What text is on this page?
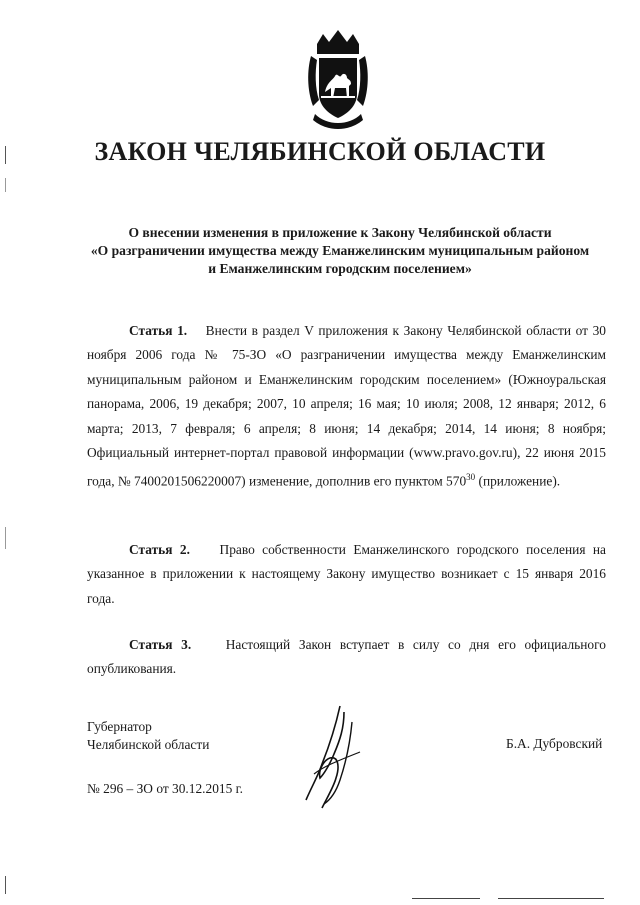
ЗАКОН ЧЕЛЯБИНСКОЙ ОБЛАСТИ
О внесении изменения в приложение к Закону Челябинской области
«О разграничении имущества между Еманжелинским муниципальным районом
и Еманжелинским городским поселением»
Статья 1. Внести в раздел V приложения к Закону Челябинской области от 30 ноября 2006 года № 75-ЗО «О разграничении имущества между Еманжелинским муниципальным районом и Еманжелинским городским поселением» (Южноуральская панорама, 2006, 19 декабря; 2007, 10 апреля; 16 мая; 10 июля; 2008, 12 января; 2012, 6 марта; 2013, 7 февраля; 6 апреля; 8 июня; 14 декабря; 2014, 14 июня; 8 ноября; Официальный интернет-портал правовой информации (www.pravo.gov.ru), 22 июня 2015 года, № 7400201506220007) изменение, дополнив его пунктом $570^{30}$ (приложение).
Статья 2. Право собственности Еманжелинского городского поселения на указанное в приложении к настоящему Закону имущество возникает с 15 января 2016 года.
Статья 3.	Настоящий Закон вступает в силу со дня его официального опубликования.
Губернатор
Челябинской области	Б.А. Дубровский
№ 296 – ЗО от 30.12.2015 г.
